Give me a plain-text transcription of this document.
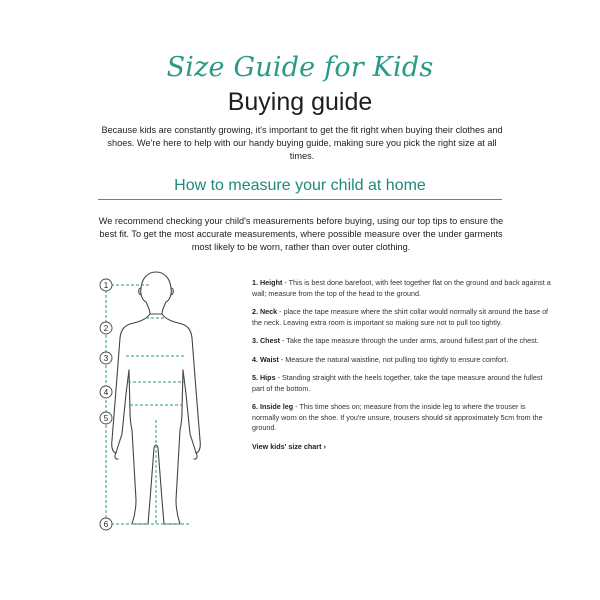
Size Guide for Kids
Buying guide
Because kids are constantly growing, it's important to get the fit right when buying their clothes and shoes. We're here to help with our handy buying guide, making sure you pick the right size at all times.
How to measure your child at home
We recommend checking your child's measurements before buying, using our top tips to ensure the best fit. To get the most accurate measurements, where possible measure over the under garments most likely to be worn, rather than over outer clothing.
1
2
3
4
5
6
1. Height - This is best done barefoot, with feet together flat on the ground and back against a wall; measure from the top of the head to the ground.
2. Neck - place the tape measure where the shirt collar would normally sit around the base of the neck. Leaving extra room is important so making sure not to pull too tightly.
3. Chest - Take the tape measure through the under arms, around fullest part of the chest.
4. Waist - Measure the natural waistline, not pulling too tightly to ensure comfort.
5. Hips - Standing straight with the heels together, take the tape measure around the fullest part of the bottom.
6. Inside leg - This time shoes on; measure from the inside leg to where the trouser is normally worn on the shoe. If you're unsure, trousers should sit approximately 5cm from the ground.
View kids' size chart ›
